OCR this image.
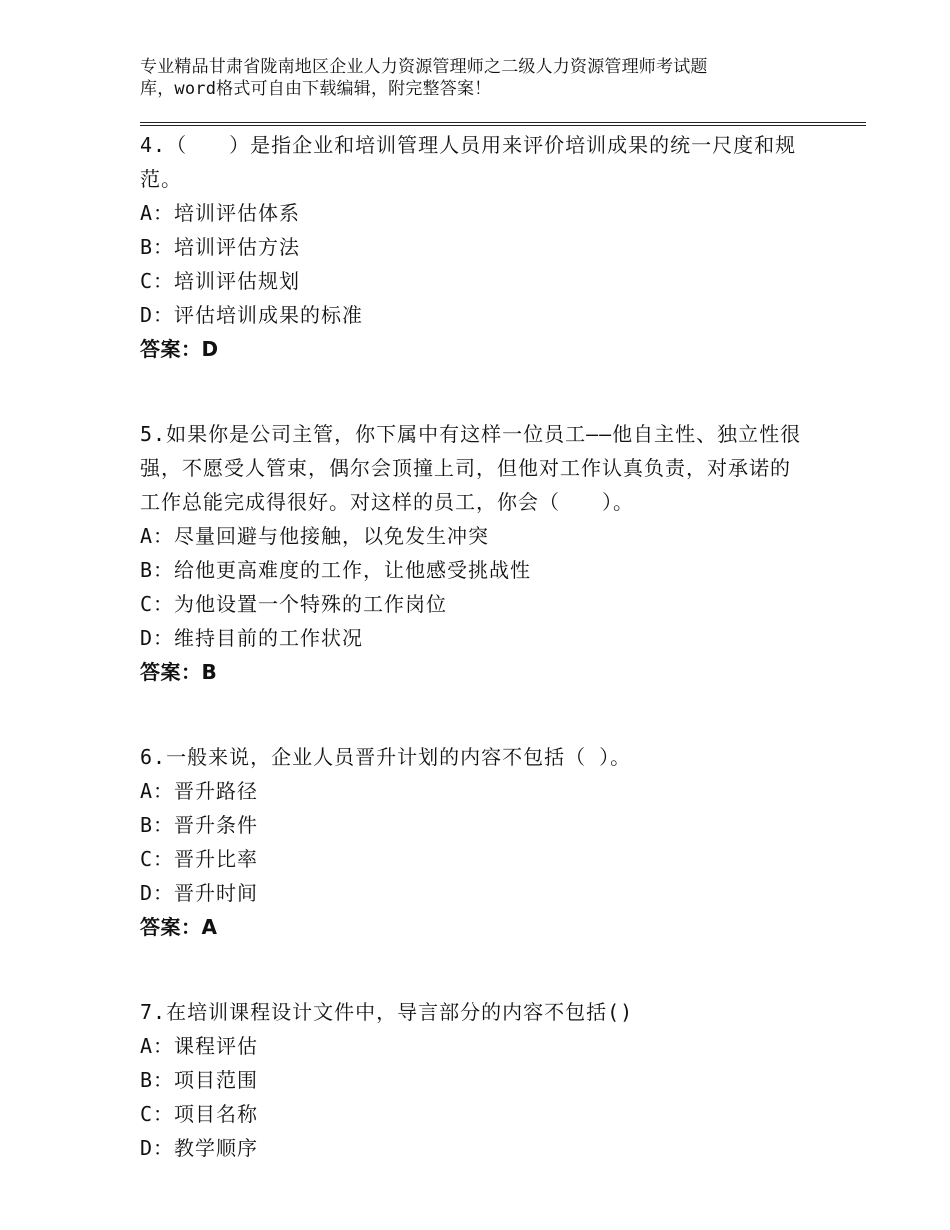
专业精品甘肃省陇南地区企业人力资源管理师之二级人力资源管理师考试题
库，word格式可自由下载编辑，附完整答案！
4.（　　）是指企业和培训管理人员用来评价培训成果的统一尺度和规范。
A：培训评估体系
B：培训评估方法
C：培训评估规划
D：评估培训成果的标准
答案：D
5.如果你是公司主管，你下属中有这样一位员工——他自主性、独立性很强，不愿受人管束，偶尔会顶撞上司，但他对工作认真负责，对承诺的工作总能完成得很好。对这样的员工，你会（　　）。
A：尽量回避与他接触，以免发生冲突
B：给他更高难度的工作，让他感受挑战性
C：为他设置一个特殊的工作岗位
D：维持目前的工作状况
答案：B
6.一般来说，企业人员晋升计划的内容不包括（ ）。
A：晋升路径
B：晋升条件
C：晋升比率
D：晋升时间
答案：A
7.在培训课程设计文件中，导言部分的内容不包括()
A：课程评估
B：项目范围
C：项目名称
D：教学顺序
